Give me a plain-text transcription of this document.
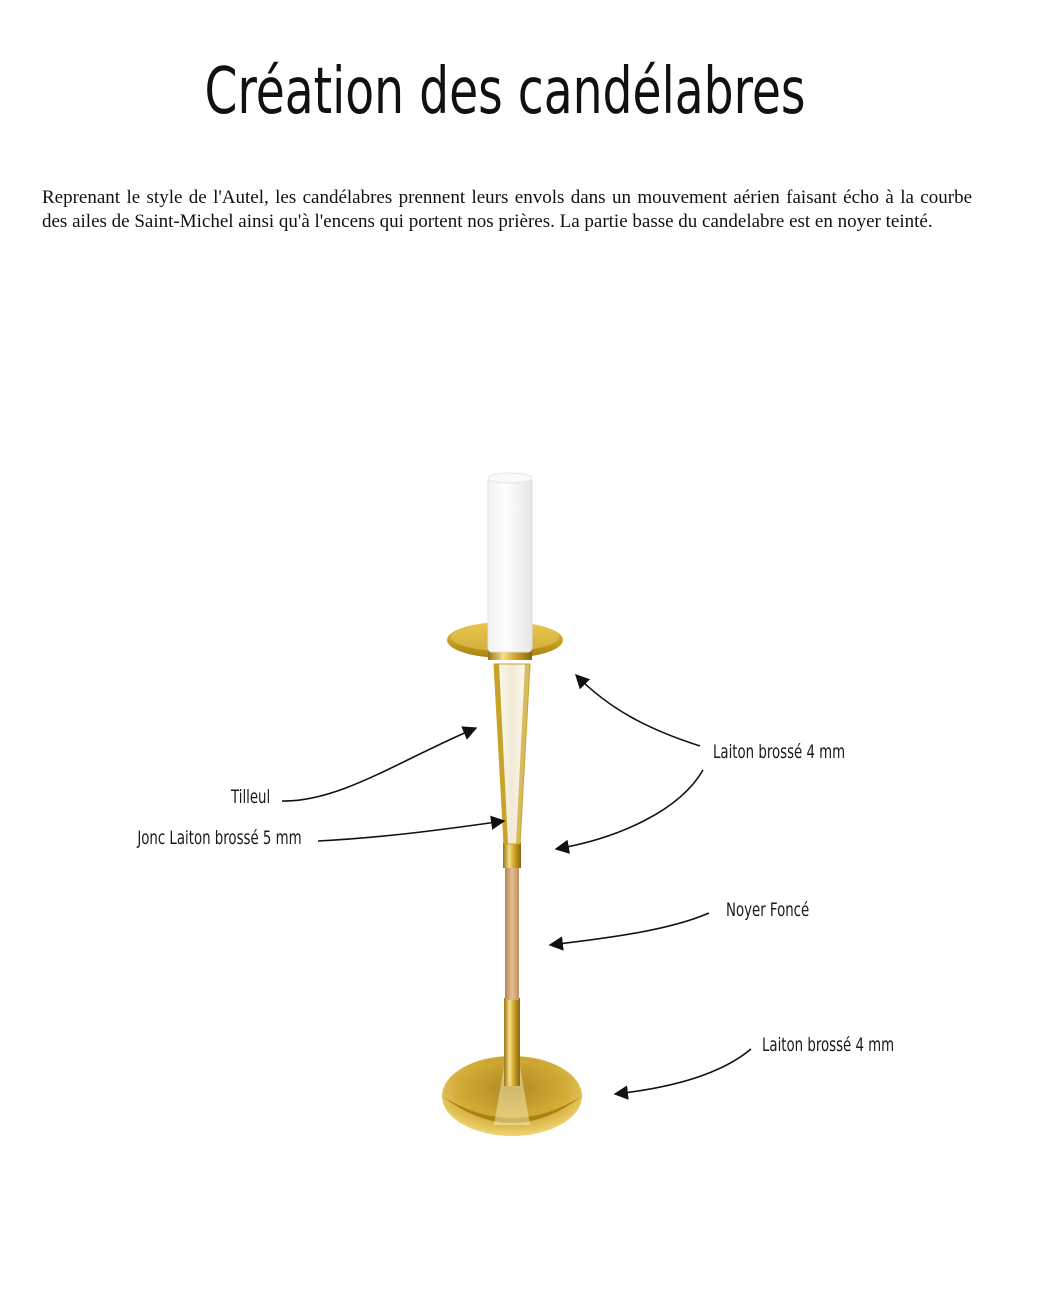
Création des candélabres

Reprenant le style de l'Autel, les candélabres prennent leurs envols dans un mouvement aérien faisant écho à la courbe des ailes de Saint-Michel ainsi qu'à l'encens qui portent nos prières. La partie basse du candelabre est en noyer teinté.

Tilleul
Jonc Laiton brossé 5 mm
Laiton brossé 4 mm
Noyer Foncé
Laiton brossé 4 mm
